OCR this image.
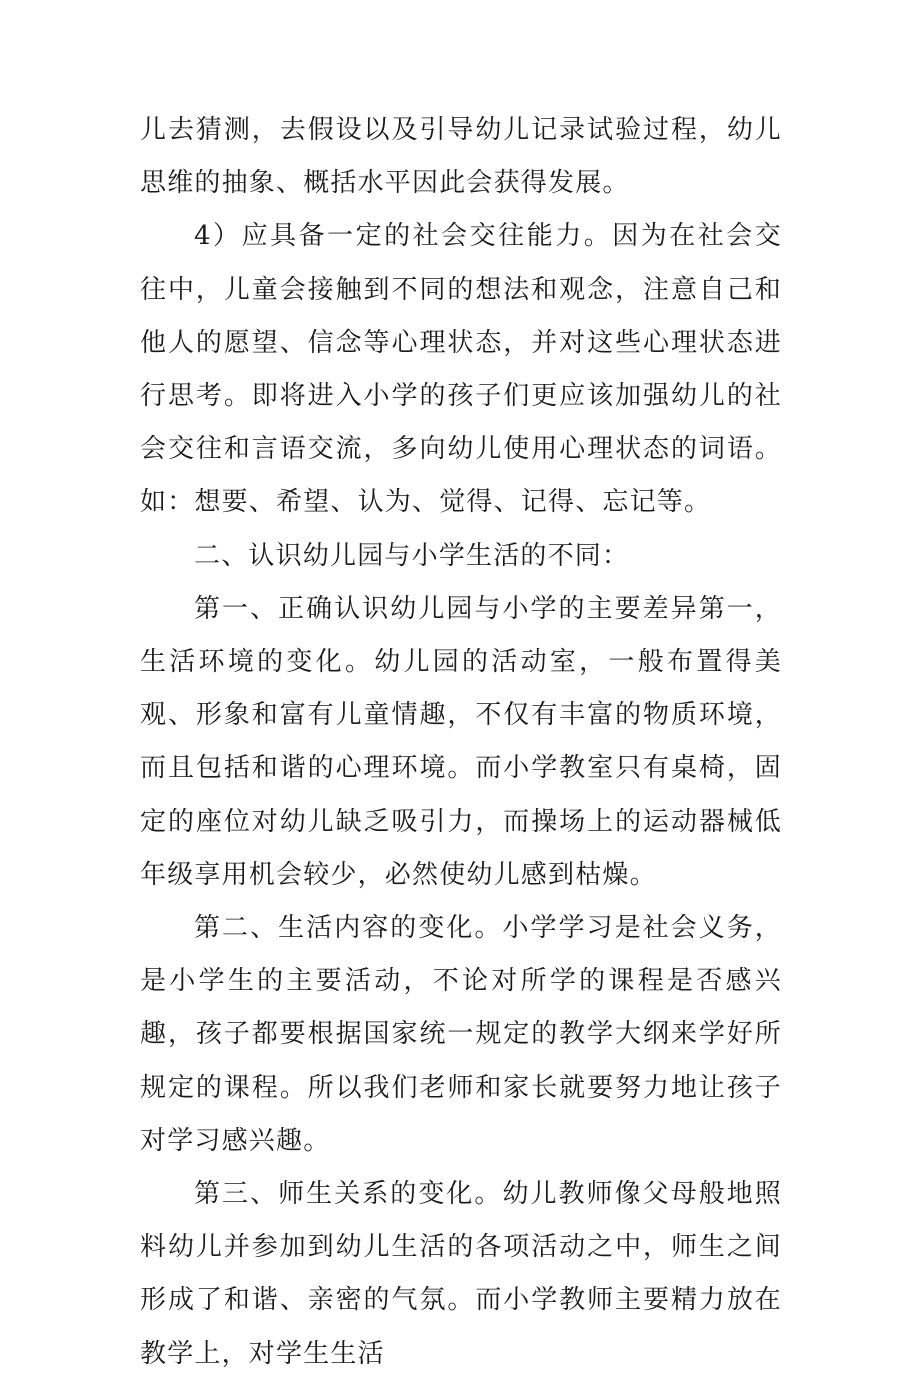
儿去猜测，去假设以及引导幼儿记录试验过程，幼儿思维的抽象、概括水平因此会获得发展。

4）应具备一定的社会交往能力。因为在社会交往中，儿童会接触到不同的想法和观念，注意自己和他人的愿望、信念等心理状态，并对这些心理状态进行思考。即将进入小学的孩子们更应该加强幼儿的社会交往和言语交流，多向幼儿使用心理状态的词语。如：想要、希望、认为、觉得、记得、忘记等。

二、认识幼儿园与小学生活的不同：

第一、正确认识幼儿园与小学的主要差异第一，生活环境的变化。幼儿园的活动室，一般布置得美观、形象和富有儿童情趣，不仅有丰富的物质环境，而且包括和谐的心理环境。而小学教室只有桌椅，固定的座位对幼儿缺乏吸引力，而操场上的运动器械低年级享用机会较少，必然使幼儿感到枯燥。

第二、生活内容的变化。小学学习是社会义务，是小学生的主要活动，不论对所学的课程是否感兴趣，孩子都要根据国家统一规定的教学大纲来学好所规定的课程。所以我们老师和家长就要努力地让孩子对学习感兴趣。

第三、师生关系的变化。幼儿教师像父母般地照料幼儿并参加到幼儿生活的各项活动之中，师生之间形成了和谐、亲密的气氛。而小学教师主要精力放在教学上，对学生生活
